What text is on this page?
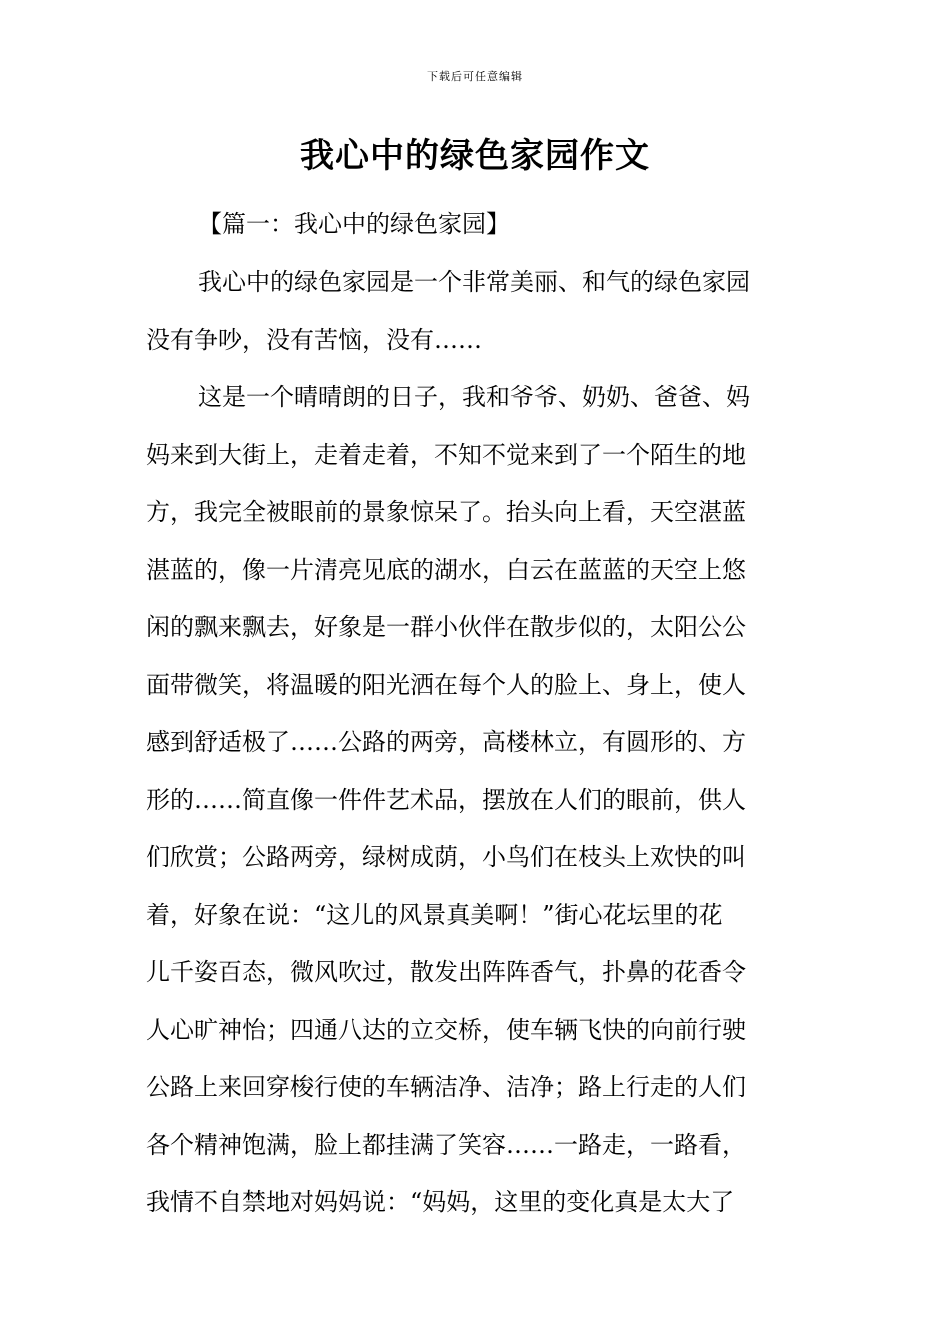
下载后可任意编辑
我心中的绿色家园作文
【篇一：我心中的绿色家园】
我心中的绿色家园是一个非常美丽、和气的绿色家园
没有争吵，没有苦恼，没有……
这是一个晴晴朗的日子，我和爷爷、奶奶、爸爸、妈
妈来到大街上，走着走着，不知不觉来到了一个陌生的地
方，我完全被眼前的景象惊呆了。抬头向上看，天空湛蓝
湛蓝的，像一片清亮见底的湖水，白云在蓝蓝的天空上悠
闲的飘来飘去，好象是一群小伙伴在散步似的，太阳公公
面带微笑，将温暖的阳光洒在每个人的脸上、身上，使人
感到舒适极了……公路的两旁，高楼林立，有圆形的、方
形的……简直像一件件艺术品，摆放在人们的眼前，供人
们欣赏；公路两旁，绿树成荫，小鸟们在枝头上欢快的叫
着，好象在说：“这儿的风景真美啊！”街心花坛里的花
儿千姿百态，微风吹过，散发出阵阵香气，扑鼻的花香令
人心旷神怡；四通八达的立交桥，使车辆飞快的向前行驶
公路上来回穿梭行使的车辆洁净、洁净；路上行走的人们
各个精神饱满，脸上都挂满了笑容……一路走，一路看，
我情不自禁地对妈妈说：“妈妈，这里的变化真是太大了
